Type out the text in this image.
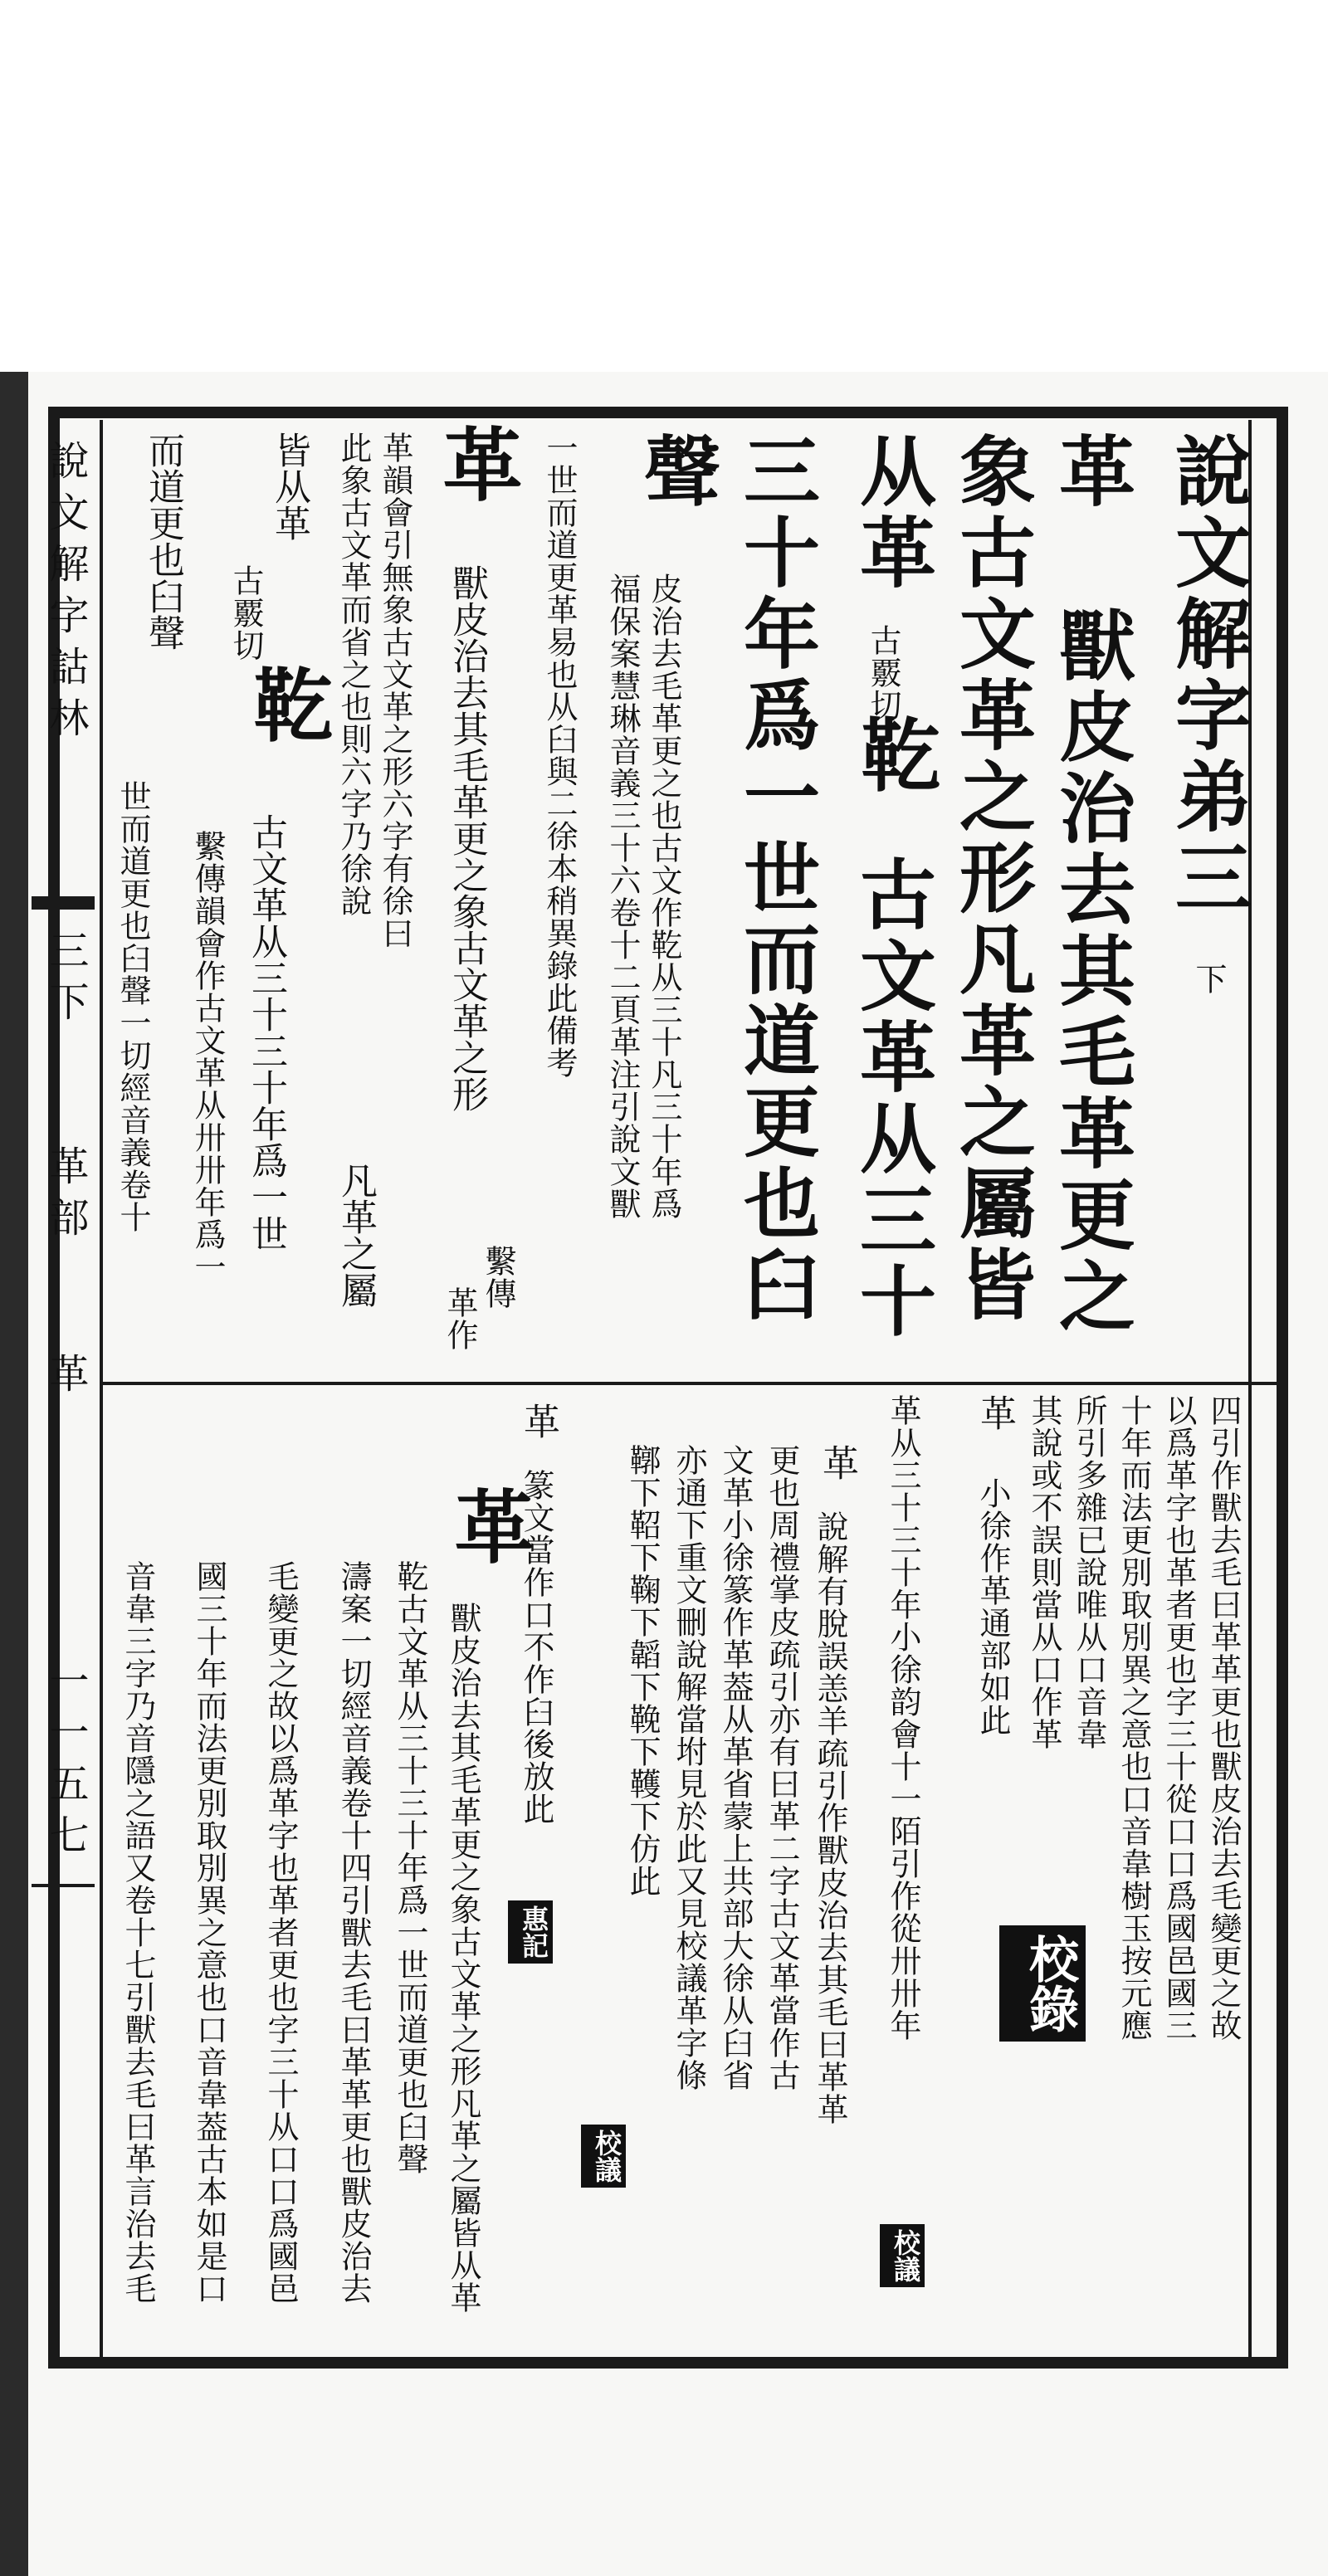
說文解字詁林
三下
革部
革
一一五七
說文解字弟三
下
革
獸皮治去其毛革更之
象古文革之形凡革之屬皆
从革
古覈切
䩐
古文革从三十
三十年爲一世而道更也臼
聲
皮治去毛革更之也古文作䩐从三十凡三十年爲
福保案慧琳音義三十六卷十二頁革注引說文獸
一世而道更革易也从臼與二徐本稍異錄此備考
革
獸皮治去其毛革更之象古文革之形
繫傳
革作
革韻會引無象古文革之形六字有徐曰
此象古文革而省之也則六字乃徐說
凡革之屬
皆从革
古覈切
䩐
古文革从三十三十年爲一世
繫傳韻會作古文革从卅卅年爲一
而道更也臼聲
世而道更也臼聲一切經音義卷十
四引作獸去毛曰革革更也獸皮治去毛變更之故
以爲革字也革者更也字三十從口口爲國邑國三
十年而法更別取別異之意也口音韋樹玉按元應
所引多雜已說唯从口音韋
其說或不誤則當从口作革
校錄
革
小徐作革通部如此
革从三十三十年小徐韵會十一陌引作從卅卅年
校議
革
說解有脫誤恙羊疏引作獸皮治去其毛曰革革
更也周禮掌皮疏引亦有曰革二字古文革當作古
文革小徐篆作革葢从革省蒙上共部大徐从臼省
亦通下重文刪說解當坿見於此又見校議革字條
鞹下鞀下鞠下韜下鞔下韄下仿此
校議
革
篆文當作口不作臼後放此
惠記
革
獸皮治去其毛革更之象古文革之形凡革之屬皆从革
䩐古文革从三十三十年爲一世而道更也臼聲
濤案一切經音義卷十四引獸去毛曰革革更也獸皮治去
毛變更之故以爲革字也革者更也字三十从口口爲國邑
國三十年而法更別取別異之意也口音韋葢古本如是口
音韋三字乃音隱之語又卷十七引獸去毛曰革言治去毛
